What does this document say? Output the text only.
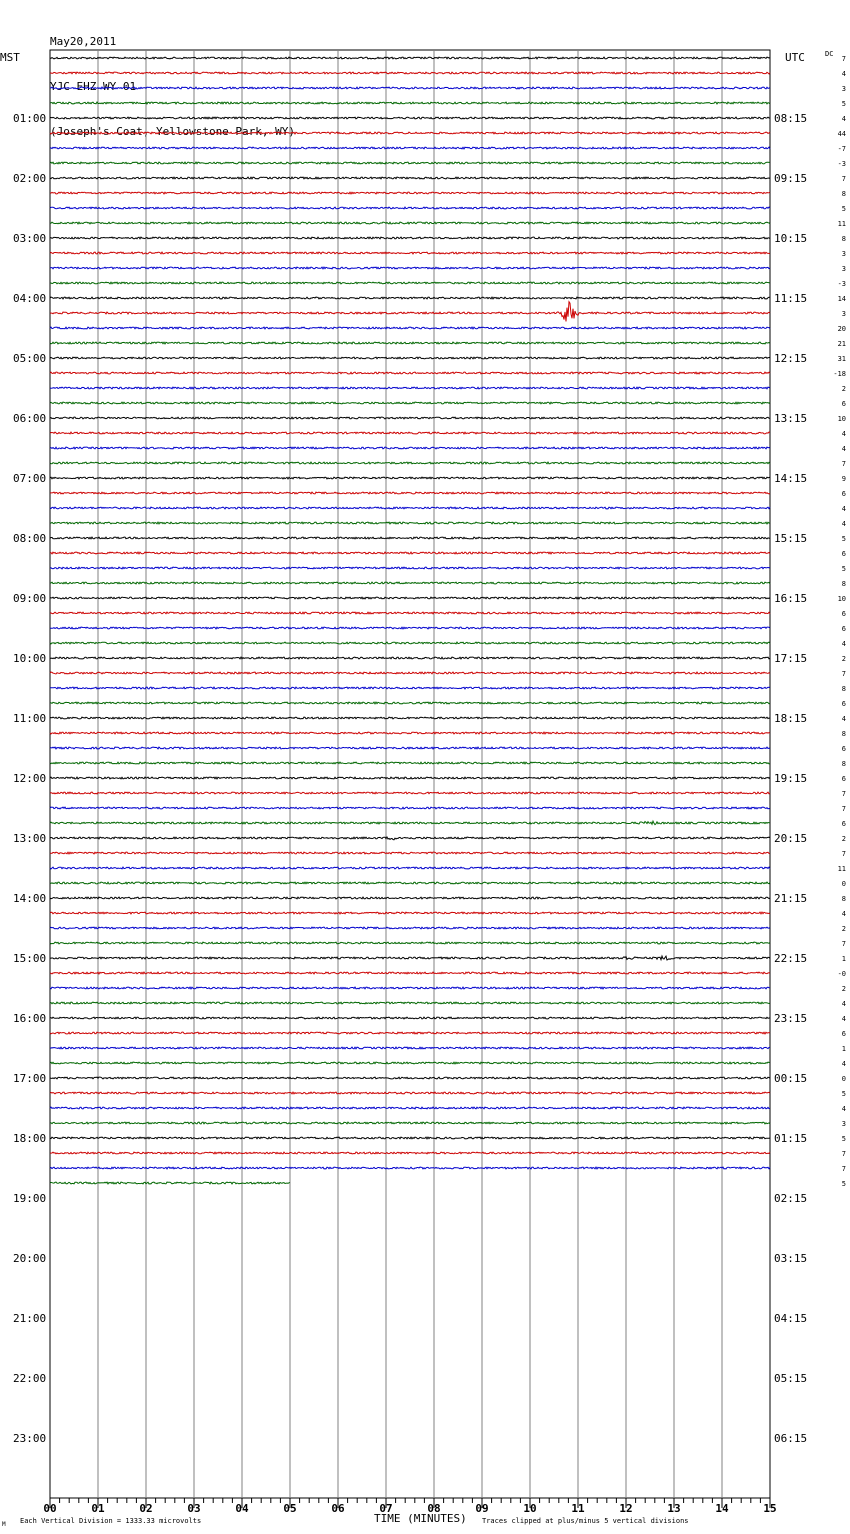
May20,2011

YJC EHZ WY 01

(Joseph's Coat, Yellowstone Park, WY)

MST	UTC	DC
TIME (MINUTES)
Each Vertical Division = 1333.33 microvolts	Traces clipped at plus/minus 5 vertical divisions
M
00	01	02	03	04	05	06	07	08	09	10	11	12	13	14	15
01:00
02:00
03:00
04:00
05:00
06:00
07:00
08:00
09:00
10:00
11:00
12:00
13:00
14:00
15:00
16:00
17:00
18:00
19:00
20:00
21:00
22:00
23:00
08:15
09:15
10:15
11:15
12:15
13:15
14:15
15:15
16:15
17:15
18:15
19:15
20:15
21:15
22:15
23:15
00:15
01:15
02:15
03:15
04:15
05:15
06:15
7
4
3
5
4
44
-7
-3
7
8
5
11
8
3
3
-3
14
3
20
21
31
-18
2
6
10
4
4
7
9
6
4
4
5
6
5
8
10
6
6
4
2
7
8
6
4
8
6
8
6
7
7
6
2
7
11
0
8
4
2
7
1
-0
2
4
4
6
1
4
0
5
4
3
5
7
7
5
